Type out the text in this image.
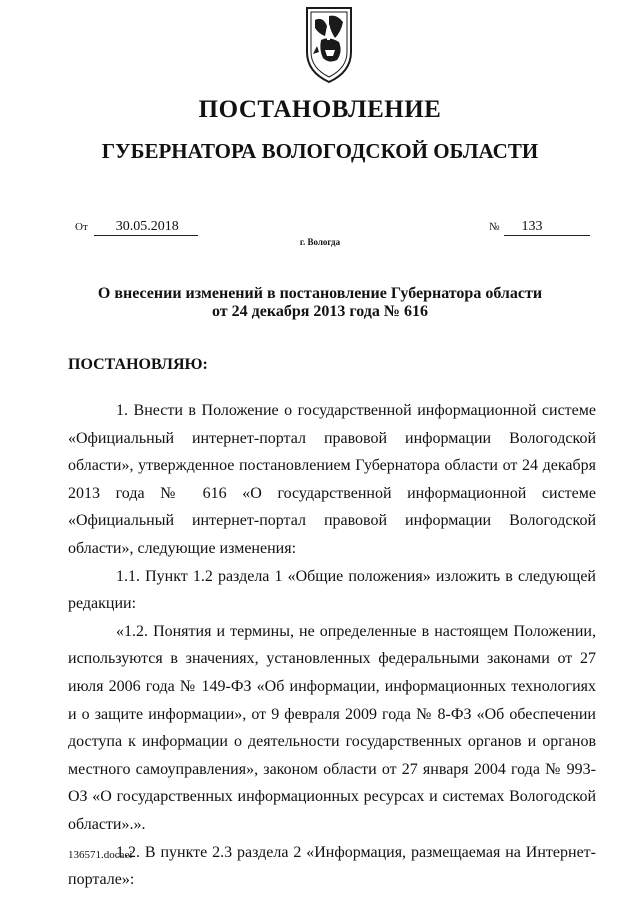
ПОСТАНОВЛЕНИЕ
ГУБЕРНАТОРА ВОЛОГОДСКОЙ ОБЛАСТИ
От 30.05.2018	№ 133
г. Вологда
О внесении изменений в постановление Губернатора области
от 24 декабря 2013 года № 616
ПОСТАНОВЛЯЮ:

1. Внести в Положение о государственной информационной системе «Официальный интернет-портал правовой информации Вологодской области», утвержденное постановлением Губернатора области от 24 декабря 2013 года № 616 «О государственной информационной системе «Официальный интернет-портал правовой информации Вологодской области», следующие изменения:

1.1. Пункт 1.2 раздела 1 «Общие положения» изложить в следующей редакции:

«1.2. Понятия и термины, не определенные в настоящем Положении, используются в значениях, установленных федеральными законами от 27 июля 2006 года № 149-ФЗ «Об информации, информационных технологиях и о защите информации», от 9 февраля 2009 года № 8-ФЗ «Об обеспечении доступа к информации о деятельности государственных органов и органов местного самоуправления», законом области от 27 января 2004 года № 993-ОЗ «О государственных информационных ресурсах и системах Вологодской области».».

1.2. В пункте 2.3 раздела 2 «Информация, размещаемая на Интернет-портале»:

136571.docaei
